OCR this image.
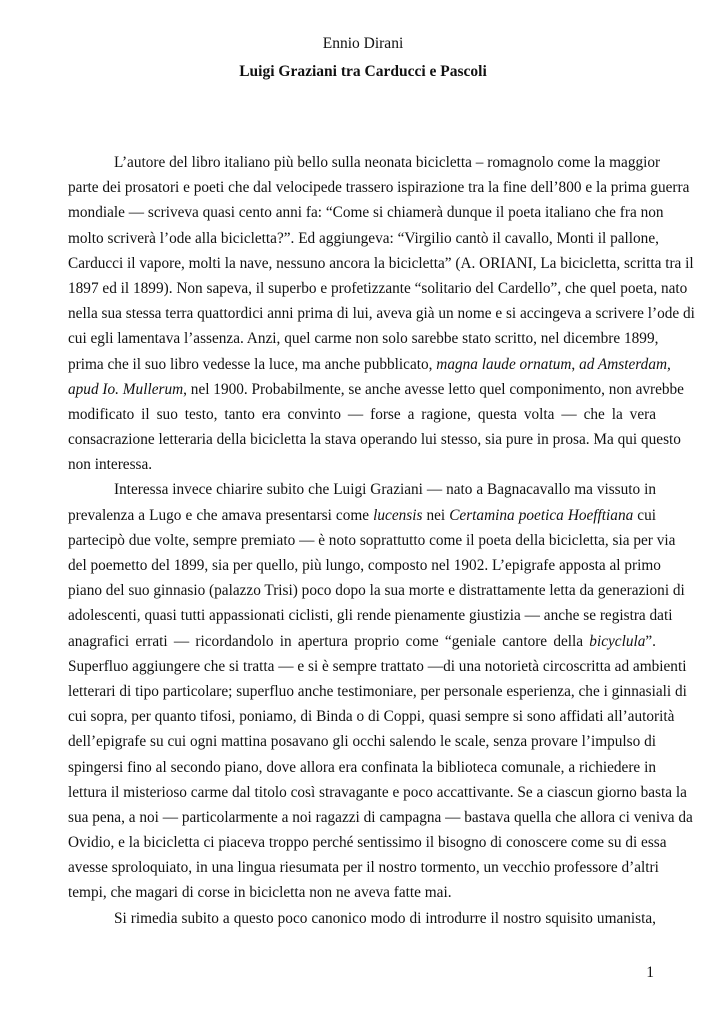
Ennio Dirani
Luigi Graziani tra Carducci e Pascoli
L’autore del libro italiano più bello sulla neonata bicicletta – romagnolo come la maggior
parte dei prosatori e poeti che dal velocipede trassero ispirazione tra la fine dell’800 e la prima guerra
mondiale — scriveva quasi cento anni fa: “Come si chiamerà dunque il poeta italiano che fra non
molto scriverà l’ode alla bicicletta?”. Ed aggiungeva: “Virgilio cantò il cavallo, Monti il pallone,
Carducci il vapore, molti la nave, nessuno ancora la bicicletta” (A. ORIANI, La bicicletta, scritta tra il
1897 ed il 1899). Non sapeva, il superbo e profetizzante “solitario del Cardello”, che quel poeta, nato
nella sua stessa terra quattordici anni prima di lui, aveva già un nome e si accingeva a scrivere l’ode di
cui egli lamentava l’assenza. Anzi, quel carme non solo sarebbe stato scritto, nel dicembre 1899,
prima che il suo libro vedesse la luce, ma anche pubblicato, magna laude ornatum, ad Amsterdam,
apud Io. Mullerum, nel 1900. Probabilmente, se anche avesse letto quel componimento, non avrebbe
modificato il suo testo, tanto era convinto — forse a ragione, questa volta — che la vera
consacrazione letteraria della bicicletta la stava operando lui stesso, sia pure in prosa. Ma qui questo
non interessa.
Interessa invece chiarire subito che Luigi Graziani — nato a Bagnacavallo ma vissuto in
prevalenza a Lugo e che amava presentarsi come lucensis nei Certamina poetica Hoefftiana cui
partecipò due volte, sempre premiato — è noto soprattutto come il poeta della bicicletta, sia per via
del poemetto del 1899, sia per quello, più lungo, composto nel 1902. L’epigrafe apposta al primo
piano del suo ginnasio (palazzo Trisi) poco dopo la sua morte e distrattamente letta da generazioni di
adolescenti, quasi tutti appassionati ciclisti, gli rende pienamente giustizia — anche se registra dati
anagrafici errati — ricordandolo in apertura proprio come “geniale cantore della bicyclula”.
Superfluo aggiungere che si tratta — e si è sempre trattato —di una notorietà circoscritta ad ambienti
letterari di tipo particolare; superfluo anche testimoniare, per personale esperienza, che i ginnasiali di
cui sopra, per quanto tifosi, poniamo, di Binda o di Coppi, quasi sempre si sono affidati all’autorità
dell’epigrafe su cui ogni mattina posavano gli occhi salendo le scale, senza provare l’impulso di
spingersi fino al secondo piano, dove allora era confinata la biblioteca comunale, a richiedere in
lettura il misterioso carme dal titolo così stravagante e poco accattivante. Se a ciascun giorno basta la
sua pena, a noi — particolarmente a noi ragazzi di campagna — bastava quella che allora ci veniva da
Ovidio, e la bicicletta ci piaceva troppo perché sentissimo il bisogno di conoscere come su di essa
avesse sproloquiato, in una lingua riesumata per il nostro tormento, un vecchio professore d’altri
tempi, che magari di corse in bicicletta non ne aveva fatte mai.
Si rimedia subito a questo poco canonico modo di introdurre il nostro squisito umanista,
1
